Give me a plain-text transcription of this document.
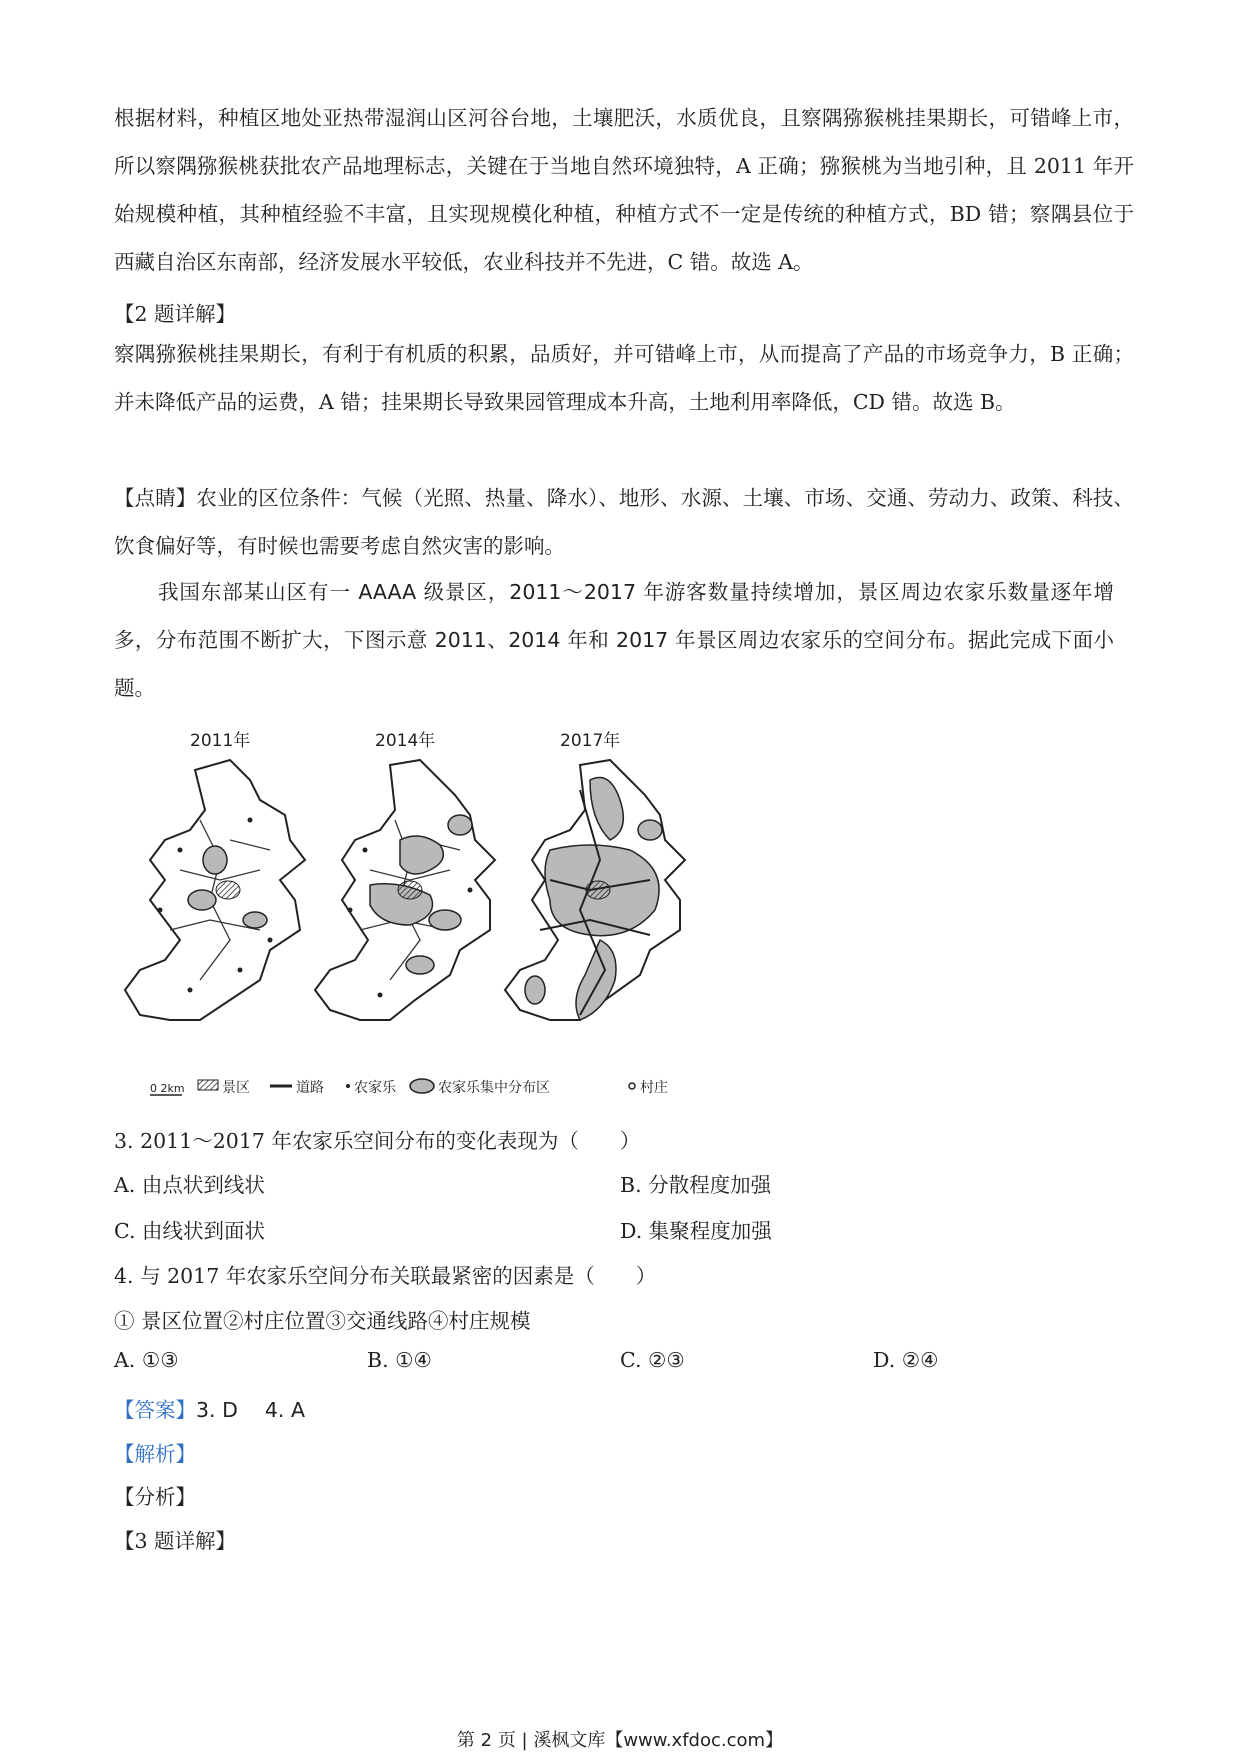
根据材料，种植区地处亚热带湿润山区河谷台地，土壤肥沃，水质优良，且察隅猕猴桃挂果期长，可错峰上市，所以察隅猕猴桃获批农产品地理标志，关键在于当地自然环境独特，A 正确；猕猴桃为当地引种，且 2011 年开始规模种植，其种植经验不丰富，且实现规模化种植，种植方式不一定是传统的种植方式，BD 错；察隅县位于西藏自治区东南部，经济发展水平较低，农业科技并不先进，C 错。故选 A。

【2 题详解】

察隅猕猴桃挂果期长，有利于有机质的积累，品质好，并可错峰上市，从而提高了产品的市场竞争力，B 正确；并未降低产品的运费，A 错；挂果期长导致果园管理成本升高，土地利用率降低，CD 错。故选 B。

【点睛】农业的区位条件：气候（光照、热量、降水）、地形、水源、土壤、市场、交通、劳动力、政策、科技、饮食偏好等，有时候也需要考虑自然灾害的影响。

我国东部某山区有一 AAAA 级景区，2011～2017 年游客数量持续增加，景区周边农家乐数量逐年增多，分布范围不断扩大，下图示意 2011、2014 年和 2017 年景区周边农家乐的空间分布。据此完成下面小题。

2011年	2014年	2017年
0 2km	景区	道路 农家乐	农家乐集中分布区	村庄

3. 2011～2017 年农家乐空间分布的变化表现为（　　）

A. 由点状到线状	B. 分散程度加强
C. 由线状到面状	D. 集聚程度加强

4. 与 2017 年农家乐空间分布关联最紧密的因素是（　　）

① 景区位置②村庄位置③交通线路④村庄规模

A. ①③	B. ①④	C. ②③	D. ②④

【答案】3. D　 4. A

【解析】

【分析】

【3 题详解】

第 2 页 | 溪枫文库【www.xfdoc.com】
